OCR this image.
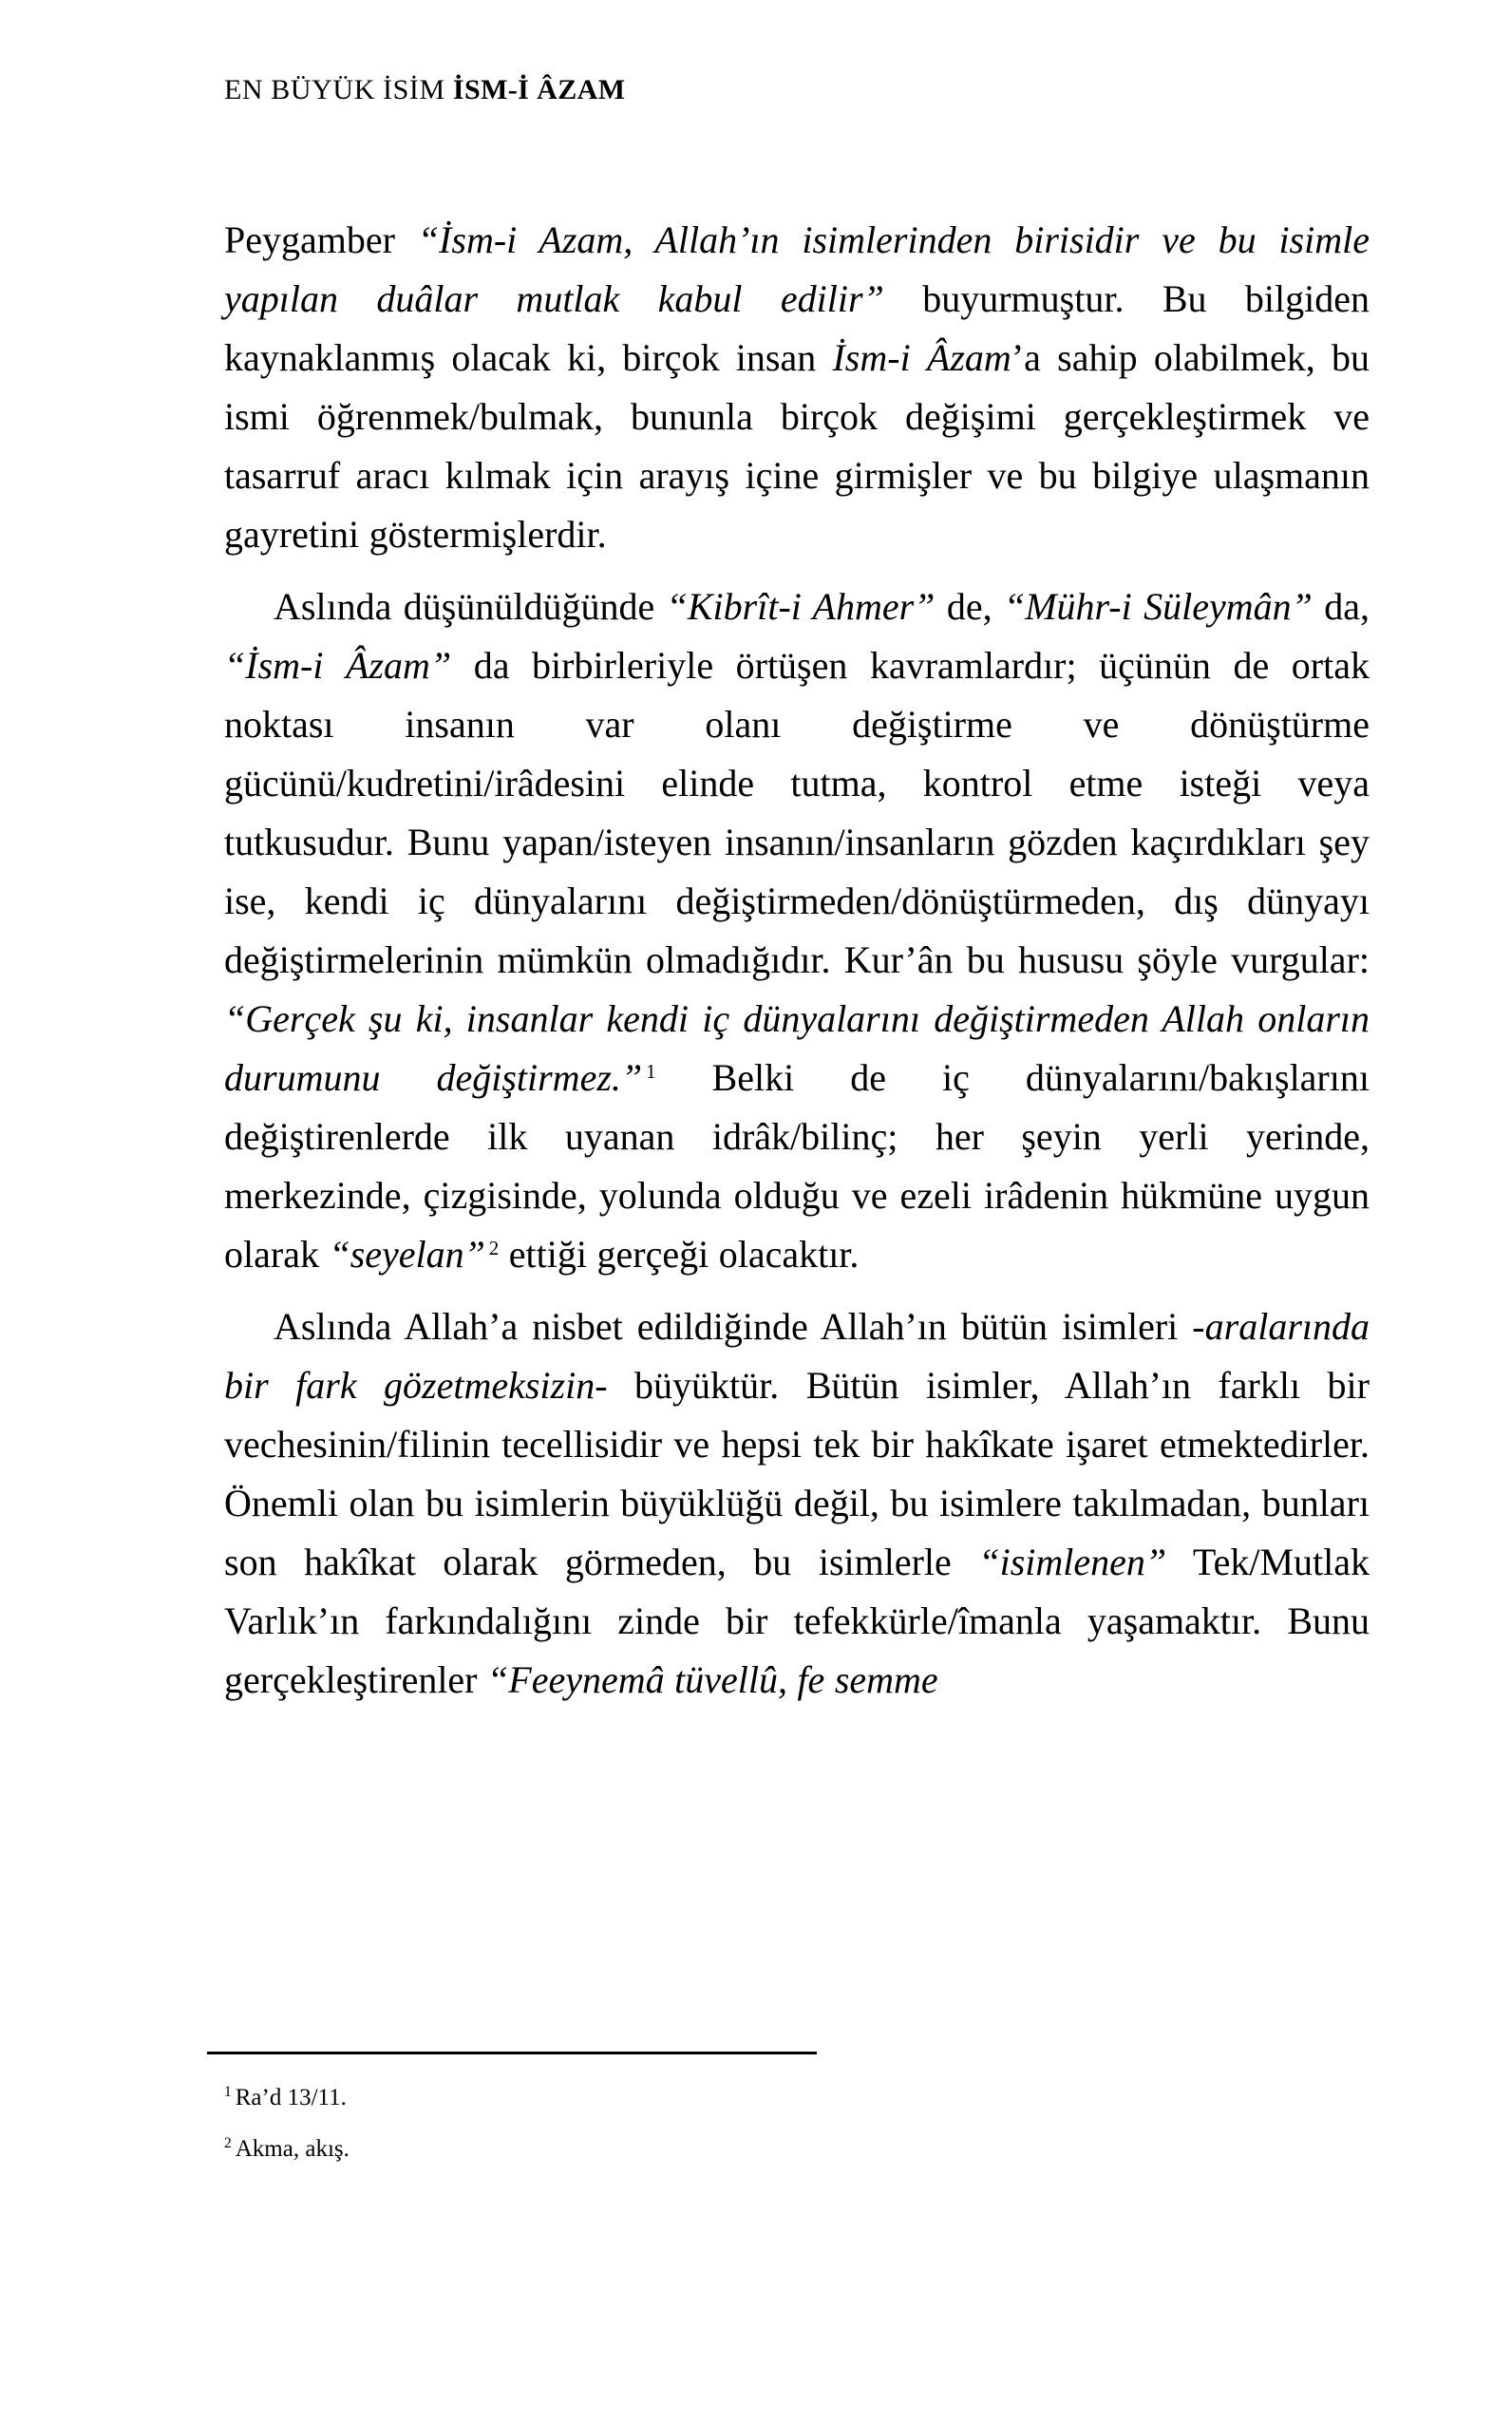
EN BÜYÜK İSİM İSM-İ ÂZAM

Peygamber “İsm-i Azam, Allah’ın isimlerinden birisidir ve bu isimle yapılan duâlar mutlak kabul edilir” buyurmuştur. Bu bilgiden kaynaklanmış olacak ki, birçok insan İsm-i Âzam’a sahip olabilmek, bu ismi öğrenmek/bulmak, bununla birçok değişimi gerçekleştirmek ve tasarruf aracı kılmak için arayış içine girmişler ve bu bilgiye ulaşmanın gayretini göstermişlerdir.

Aslında düşünüldüğünde “Kibrît-i Ahmer” de, “Mühr-i Süleymân” da, “İsm-i Âzam” da birbirleriyle örtüşen kavramlardır; üçünün de ortak noktası insanın var olanı değiştirme ve dönüştürme gücünü/kudretini/irâdesini elinde tutma, kontrol etme isteği veya tutkusudur. Bunu yapan/isteyen insanın/insanların gözden kaçırdıkları şey ise, kendi iç dünyalarını değiştirmeden/dönüştürmeden, dış dünyayı değiştirmelerinin mümkün olmadığıdır. Kur’ân bu hususu şöyle vurgular: “Gerçek şu ki, insanlar kendi iç dünyalarını değiştirmeden Allah onların durumunu değiştirmez.” $^1$ Belki de iç dünyalarını/bakışlarını değiştirenlerde ilk uyanan idrâk/bilinç; her şeyin yerli yerinde, merkezinde, çizgisinde, yolunda olduğu ve ezeli irâdenin hükmüne uygun olarak “seyelan” $^2$ ettiği gerçeği olacaktır.

Aslında Allah’a nisbet edildiğinde Allah’ın bütün isimleri -aralarında bir fark gözetmeksizin- büyüktür. Bütün isimler, Allah’ın farklı bir vechesinin/filinin tecellisidir ve hepsi tek bir hakîkate işaret etmektedirler. Önemli olan bu isimlerin büyüklüğü değil, bu isimlere takılmadan, bunları son hakîkat olarak görmeden, bu isimlerle “isimlenen” Tek/Mutlak Varlık’ın farkındalığını zinde bir tefekkürle/îmanla yaşamaktır. Bunu gerçekleştirenler “Feeynemâ tüvellû, fe semme

$^1$ Ra’d 13/11.
$^2$ Akma, akış.
